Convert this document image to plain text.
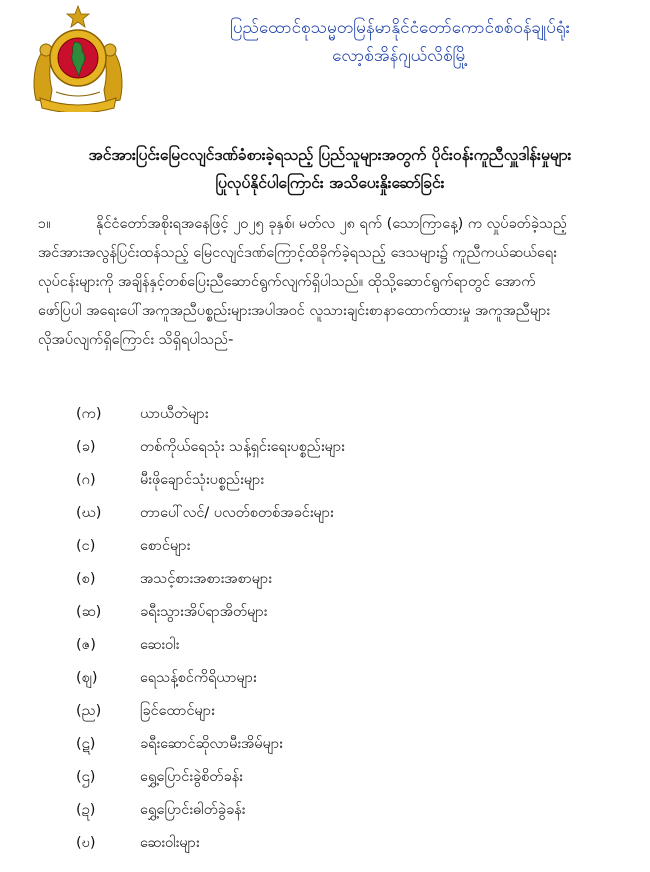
ပြည်ထောင်စုသမ္မတမြန်မာနိုင်ငံတော်ကောင်စစ်ဝန်ချုပ်ရုံး
လော့စ်အိန်ဂျယ်လိစ်မြို့
အင်အားပြင်းမြေငလျင်ဒဏ်ခံစားခဲ့ရသည့် ပြည်သူများအတွက် ပိုင်းဝန်းကူညီလှူဒါန်းမှုများ
ပြုလုပ်နိုင်ပါကြောင်း အသိပေးနှိုးဆော်ခြင်း
၁။	နိုင်ငံတော်အစိုးရအနေဖြင့် ၂၀၂၅ ခုနှစ်၊ မတ်လ ၂၈ ရက် (သောကြာနေ့) က လှုပ်ခတ်ခဲ့သည့်
အင်အားအလွန်ပြင်းထန်သည့် မြေငလျင်ဒဏ်ကြောင့်ထိခိုက်ခဲ့ရသည့် ဒေသများ၌ ကူညီကယ်ဆယ်ရေး
လုပ်ငန်းများကို အချိန်နှင့်တစ်ပြေးညီဆောင်ရွက်လျက်ရှိပါသည်။ ထိုသို့ဆောင်ရွက်ရာတွင် အောက်
ဖော်ပြပါ အရေးပေါ်အကူအညီပစ္စည်းများအပါအဝင် လူသားချင်းစာနာထောက်ထားမှု အကူအညီများ
လိုအပ်လျက်ရှိကြောင်း သိရှိရပါသည်-
(က)	ယာယီတဲများ
(ခ)	တစ်ကိုယ်ရေသုံး သန့်ရှင်းရေးပစ္စည်းများ
(ဂ)	မီးဖိုချောင်သုံးပစ္စည်းများ
(ဃ)	တာပေါ်လင်/ ပလတ်စတစ်အခင်းများ
(င)	စောင်များ
(စ)	အသင့်စားအစားအစာများ
(ဆ)	ခရီးသွားအိပ်ရာအိတ်များ
(ဇ)	ဆေးဝါး
(ဈ)	ရေသန့်စင်ကိရိယာများ
(ည)	ခြင်ထောင်များ
(ဋ)	ခရီးဆောင်ဆိုလာမီးအိမ်များ
(ဌ)	ရွှေ့ပြောင်းခွဲစိတ်ခန်း
(ဍ)	ရွှေ့ပြောင်းဓါတ်ခွဲခန်း
(ဎ)	ဆေးဝါးများ
